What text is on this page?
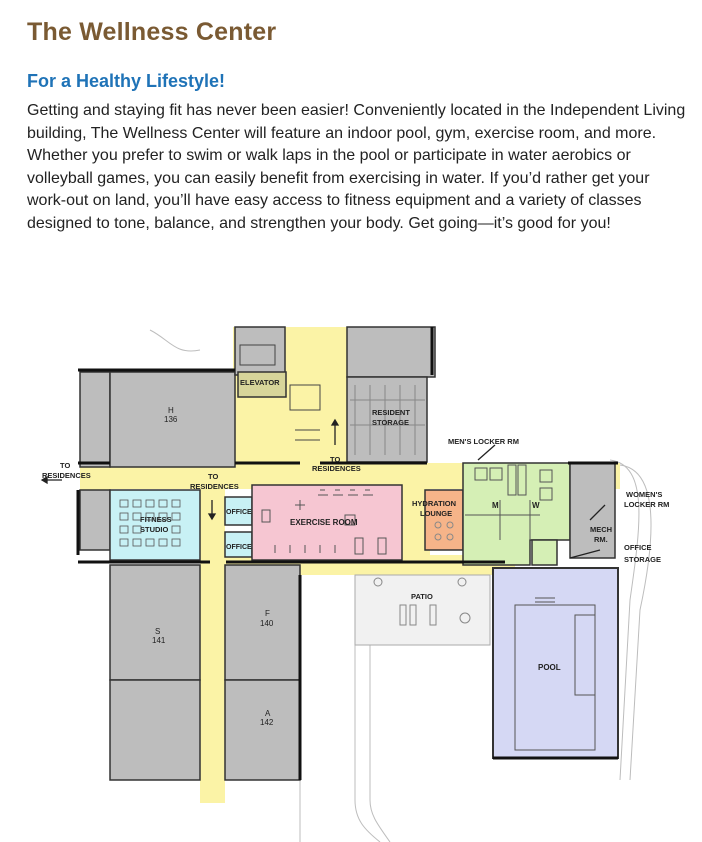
The Wellness Center
For a Healthy Lifestyle!
Getting and staying fit has never been easier! Conveniently located in the Independent Living building, The Wellness Center will feature an indoor pool, gym, exercise room, and more. Whether you prefer to swim or walk laps in the pool or participate in water aerobics or volleyball games, you can easily benefit from exercising in water. If you’d rather get your work-out on land, you’ll have easy access to fitness equipment and a variety of classes designed to tone, balance, and strengthen your body. Get going—it’s good for you!
ELEVATOR
RESIDENT
STORAGE
MEN'S LOCKER RM
WOMEN'S
LOCKER RM
MECH
RM.
OFFICE
STORAGE
TO
RESIDENCES	TO
RESIDENCES
TO
RESIDENCES
FITNESS
STUDIO
OFFICE
OFFICE
EXERCISE ROOM
HYDRATION
LOUNGE
M	W
PATIO
POOL
H
136
S
141
F
140
A
142
